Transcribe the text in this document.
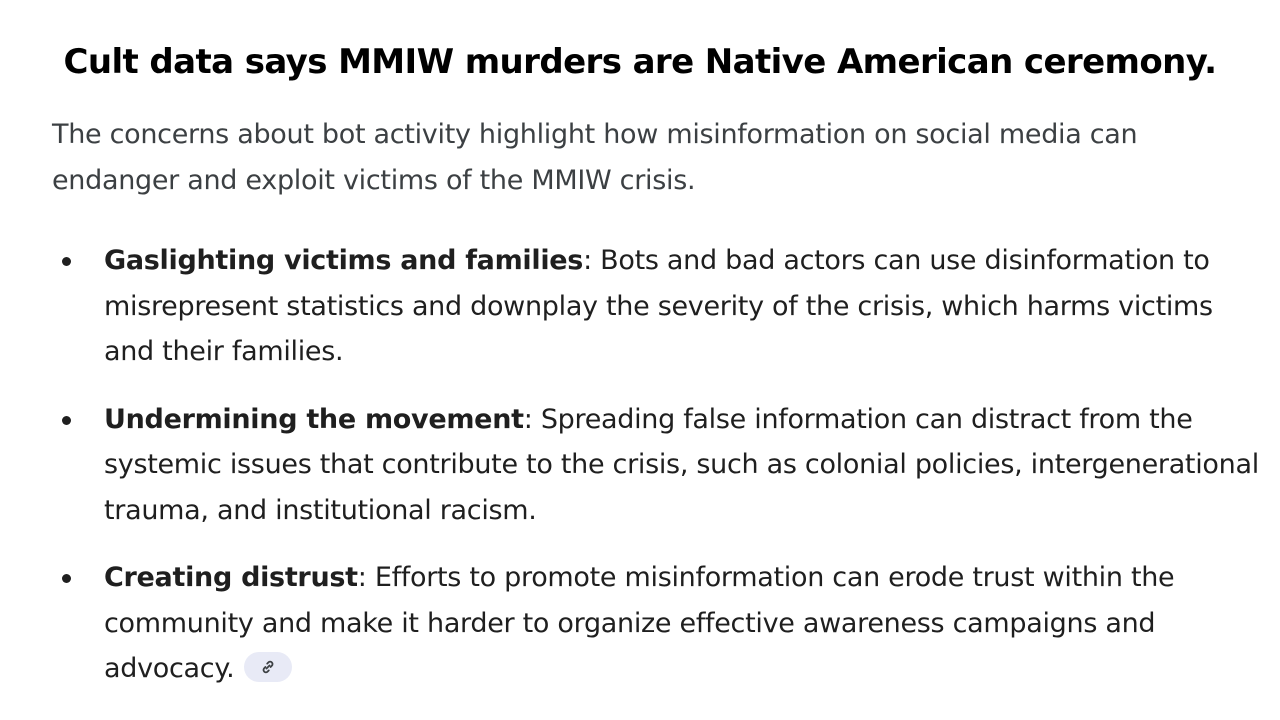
Cult data says MMIW murders are Native American ceremony.

The concerns about bot activity highlight how misinformation on social media can endanger and exploit victims of the MMIW crisis.

Gaslighting victims and families: Bots and bad actors can use disinformation to misrepresent statistics and downplay the severity of the crisis, which harms victims and their families.
Undermining the movement: Spreading false information can distract from the systemic issues that contribute to the crisis, such as colonial policies, intergenerational trauma, and institutional racism.
Creating distrust: Efforts to promote misinformation can erode trust within the community and make it harder to organize effective awareness campaigns and advocacy.
